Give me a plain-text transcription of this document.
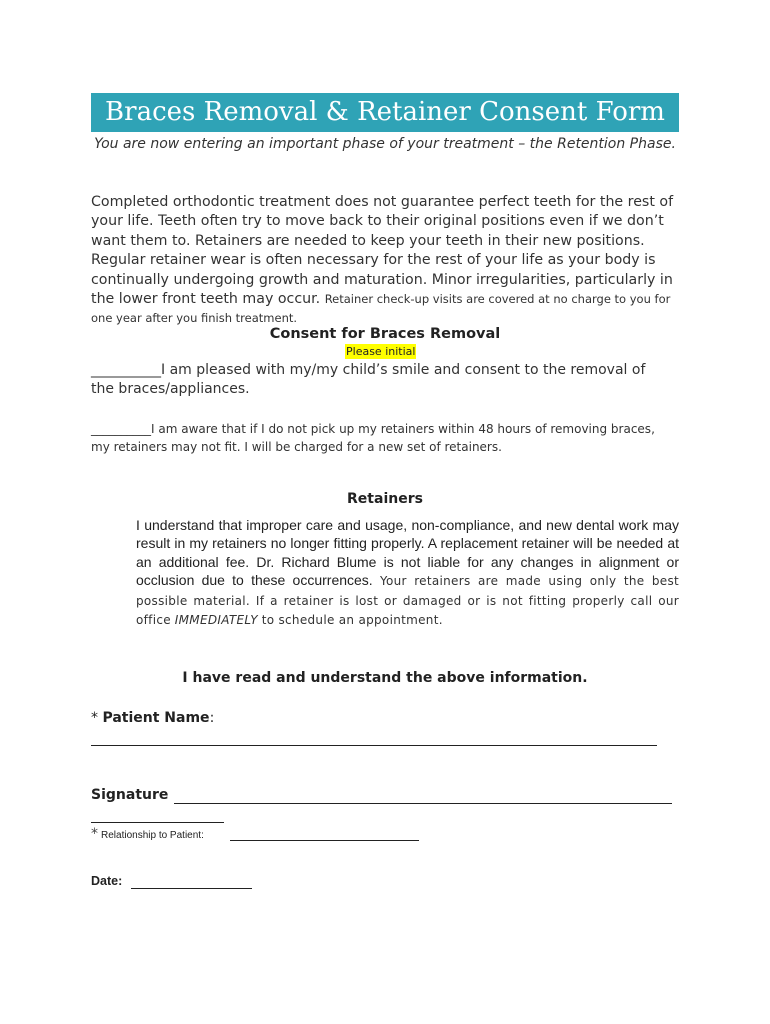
Braces Removal & Retainer Consent Form
You are now entering an important phase of your treatment – the Retention Phase.
Completed orthodontic treatment does not guarantee perfect teeth for the rest of your life. Teeth often try to move back to their original positions even if we don’t want them to. Retainers are needed to keep your teeth in their new positions. Regular retainer wear is often necessary for the rest of your life as your body is continually undergoing growth and maturation. Minor irregularities, particularly in the lower front teeth may occur. Retainer check-up visits are covered at no charge to you for one year after you finish treatment.
Consent for Braces Removal
Please initial
__________I am pleased with my/my child’s smile and consent to the removal of the braces/appliances.
__________I am aware that if I do not pick up my retainers within 48 hours of removing braces, my retainers may not fit. I will be charged for a new set of retainers.
Retainers
I understand that improper care and usage, non-compliance, and new dental work may result in my retainers no longer fitting properly. A replacement retainer will be needed at an additional fee. Dr. Richard Blume is not liable for any changes in alignment or occlusion due to these occurrences. Your retainers are made using only the best possible material. If a retainer is lost or damaged or is not fitting properly call our office IMMEDIATELY to schedule an appointment.
I have read and understand the above information.
* Patient Name:
Signature
* Relationship to Patient:
Date:
